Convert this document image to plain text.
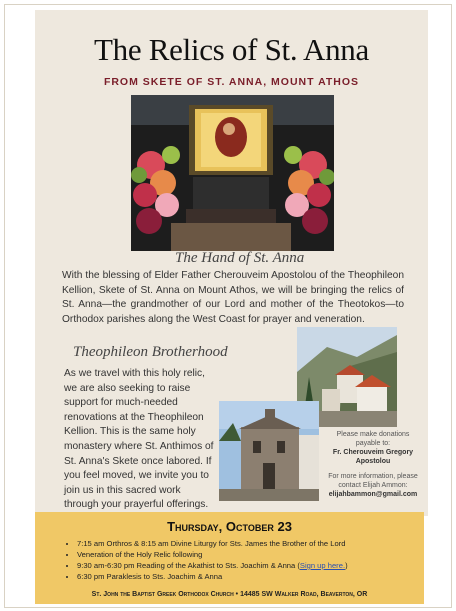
The Relics of St. Anna
FROM SKETE OF ST. ANNA, MOUNT ATHOS
The Hand of St. Anna
With the blessing of Elder Father Cherouveim Apostolou of the Theophileon Kellion, Skete of St. Anna on Mount Athos, we will be bringing the relics of St. Anna—the grandmother of our Lord and mother of the Theotokos—to Orthodox parishes along the West Coast for prayer and veneration.
Theophileon Brotherhood
As we travel with this holy relic,
we are also seeking to raise
support for much-needed
renovations at the Theophileon
Kellion. This is the same holy
monastery where St. Anthimos of
St. Anna's Skete once labored. If
you feel moved, we invite you to
join us in this sacred work
through your prayerful offerings.
Please make donations
payable to:
Fr. Cherouveim Gregory
Apostolou
For more information, please
contact Elijah Ammon:
elijahbammon@gmail.com
Thursday, October 23
• 7:15 am Orthros & 8:15 am Divine Liturgy for Sts. James the Brother of the Lord
• Veneration of the Holy Relic following
• 9:30 am-6:30 pm Reading of the Akathist to Sts. Joachim & Anna (Sign up here.)
• 6:30 pm Paraklesis to Sts. Joachim & Anna
St. John the Baptist Greek Orthodox Church • 14485 SW Walker Road, Beaverton, OR
